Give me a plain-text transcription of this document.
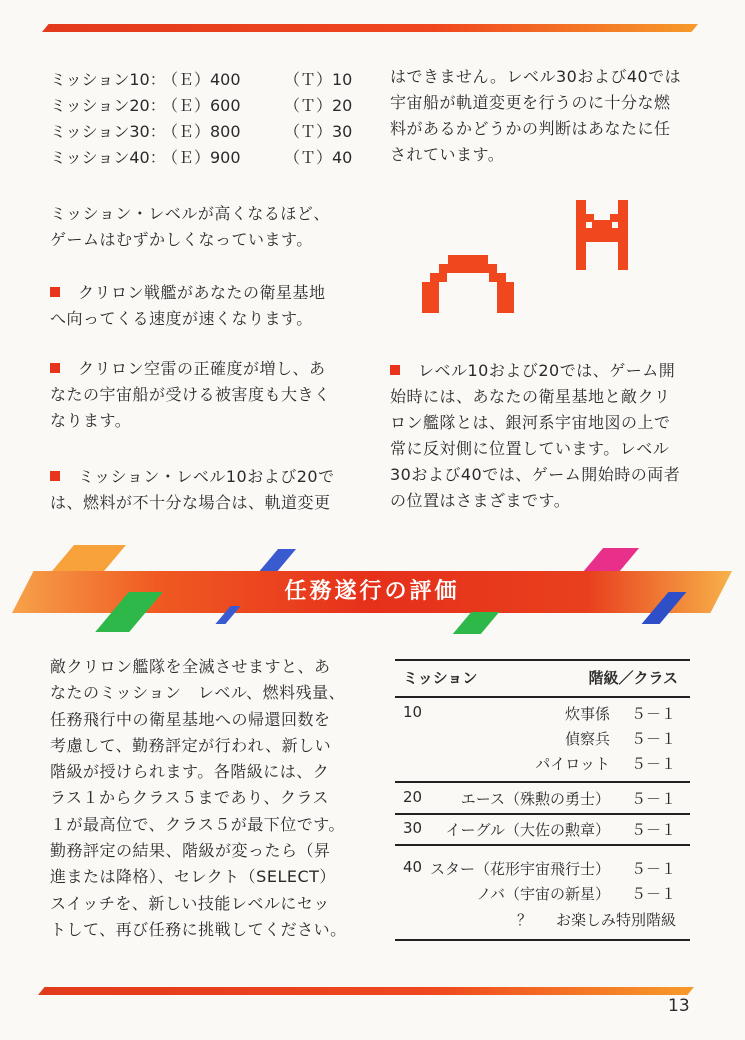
ミッション10：
（Ｅ）400	（Ｔ）10
ミッション20：
（Ｅ）600	（Ｔ）20
ミッション30：
（Ｅ）800	（Ｔ）30
ミッション40：
（Ｅ）900	（Ｔ）40
ミッション・レベルが高くなるほど、
ゲームはむずかしくなっています。
クリロン戦艦があなたの衛星基地
へ向ってくる速度が速くなります。
クリロン空雷の正確度が増し、あ
なたの宇宙船が受ける被害度も大きく
なります。
ミッション・レベル10および20で
は、燃料が不十分な場合は、軌道変更
はできません。レベル30および40では
宇宙船が軌道変更を行うのに十分な燃
料があるかどうかの判断はあなたに任
されています。
レベル10および20では、ゲーム開
始時には、あなたの衛星基地と敵クリ
ロン艦隊とは、銀河系宇宙地図の上で
常に反対側に位置しています。レベル
30および40では、ゲーム開始時の両者
の位置はさまざまです。
任務遂行の評価
敵クリロン艦隊を全滅させますと、あ
なたのミッション　レベル、燃料残量、
任務飛行中の衛星基地への帰還回数を
考慮して、勤務評定が行われ、新しい
階級が授けられます。各階級には、ク
ラス１からクラス５まであり、クラス
１が最高位で、クラス５が最下位です。
勤務評定の結果、階級が変ったら（昇
進または降格）、セレクト（SELECT）
スイッチを、新しい技能レベルにセッ
トして、再び任務に挑戦してください。
ミッション	階級／クラス
10	炊事係 ５－１
偵察兵 ５－１
パイロット ５－１
20	エース（殊勲の勇士） ５－１
30 イーグル（大佐の勲章） ５－１
40 スター（花形宇宙飛行士） ５－１
ノバ（宇宙の新星） ５－１
？ お楽しみ特別階級
13
